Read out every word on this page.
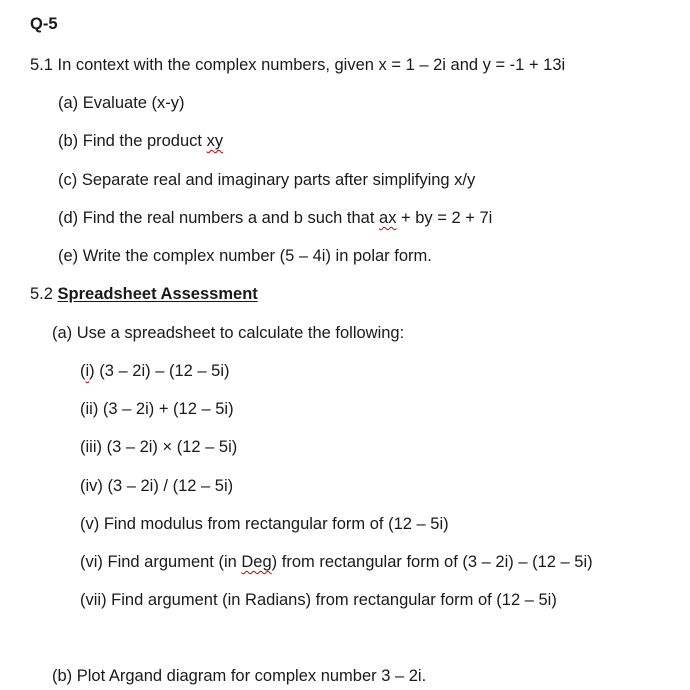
Q-5
5.1 In context with the complex numbers, given x = 1 – 2i and y = -1 + 13i
(a) Evaluate (x-y)
(b) Find the product xy
(c) Separate real and imaginary parts after simplifying x/y
(d) Find the real numbers a and b such that ax + by = 2 + 7i
(e) Write the complex number (5 – 4i) in polar form.
5.2 Spreadsheet Assessment
(a) Use a spreadsheet to calculate the following:
(i) (3 – 2i) – (12 – 5i)
(ii) (3 – 2i) + (12 – 5i)
(iii) (3 – 2i) × (12 – 5i)
(iv) (3 – 2i) / (12 – 5i)
(v) Find modulus from rectangular form of (12 – 5i)
(vi) Find argument (in Deg) from rectangular form of (3 – 2i) – (12 – 5i)
(vii) Find argument (in Radians) from rectangular form of (12 – 5i)
(b) Plot Argand diagram for complex number 3 – 2i.
